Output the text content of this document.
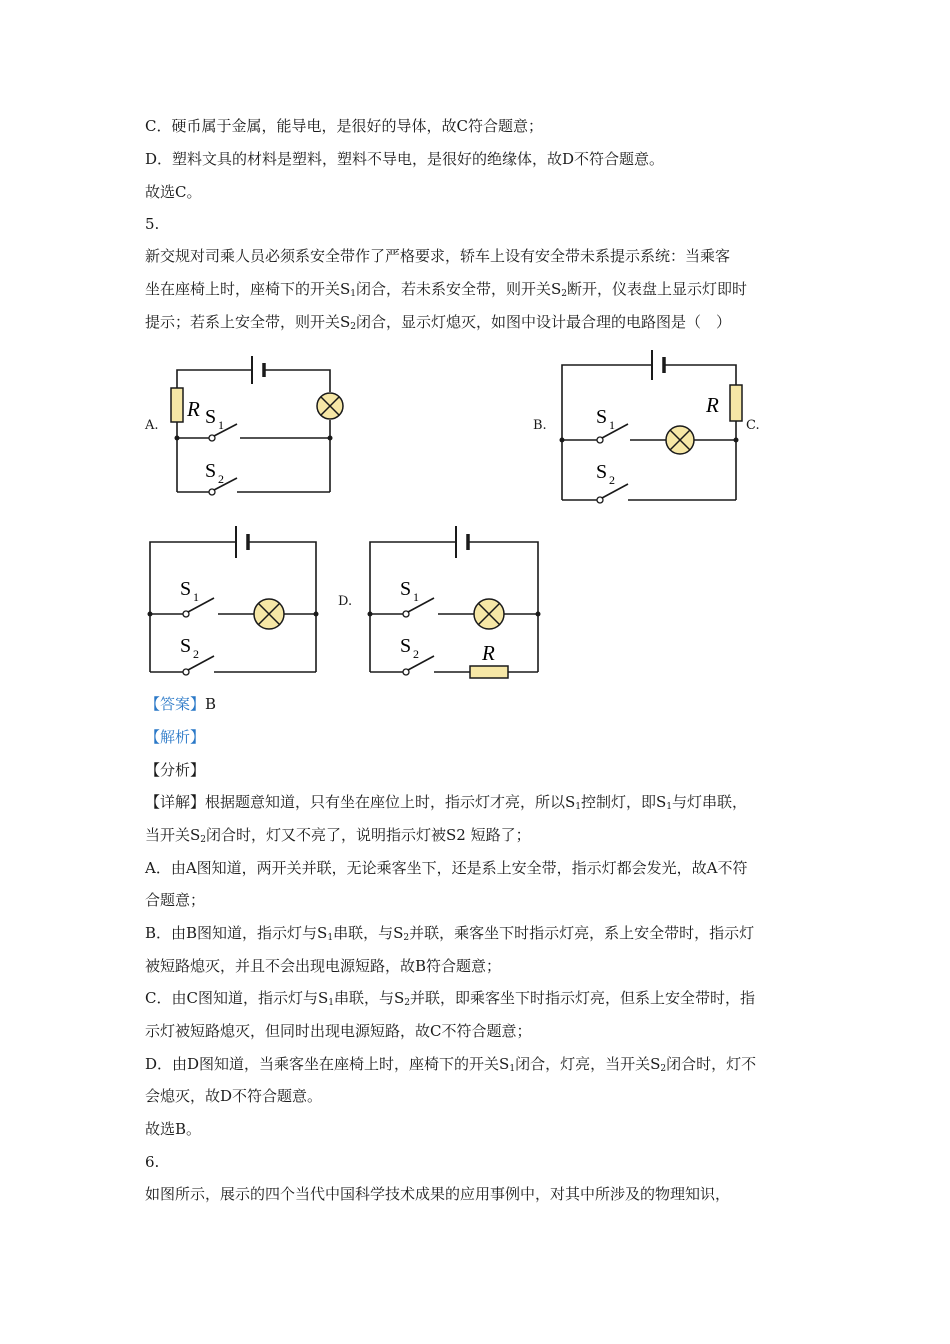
C．硬币属于金属，能导电，是很好的导体，故C符合题意；
D．塑料文具的材料是塑料，塑料不导电，是很好的绝缘体，故D不符合题意。
故选C。
5.
新交规对司乘人员必须系安全带作了严格要求，轿车上设有安全带未系提示系统：当乘客
坐在座椅上时，座椅下的开关$S_1$闭合，若未系安全带，则开关$S_2$断开，仪表盘上显示灯即时
提示；若系上安全带，则开关$S_2$闭合，显示灯熄灭，如图中设计最合理的电路图是（　）
A.	B.	C.
D.
R S 1
S 2
R
S 1
S 2
S 1
S 2	R
S 1
S 2
【答案】B
【解析】
【分析】
【详解】根据题意知道，只有坐在座位上时，指示灯才亮，所以$S_1$控制灯，即$S_1$与灯串联，
当开关$S_2$闭合时，灯又不亮了，说明指示灯被S2 短路了；
A．由A图知道，两开关并联，无论乘客坐下，还是系上安全带，指示灯都会发光，故A不符
合题意；
B．由B图知道，指示灯与$S_1$串联，与$S_2$并联，乘客坐下时指示灯亮，系上安全带时，指示灯
被短路熄灭，并且不会出现电源短路，故B符合题意；
C．由C图知道，指示灯与$S_1$串联，与$S_2$并联，即乘客坐下时指示灯亮，但系上安全带时，指
示灯被短路熄灭，但同时出现电源短路，故C不符合题意；
D．由D图知道，当乘客坐在座椅上时，座椅下的开关$S_1$闭合，灯亮，当开关$S_2$闭合时，灯不
会熄灭，故D不符合题意。
故选B。
6.
如图所示，展示的四个当代中国科学技术成果的应用事例中，对其中所涉及的物理知识，
